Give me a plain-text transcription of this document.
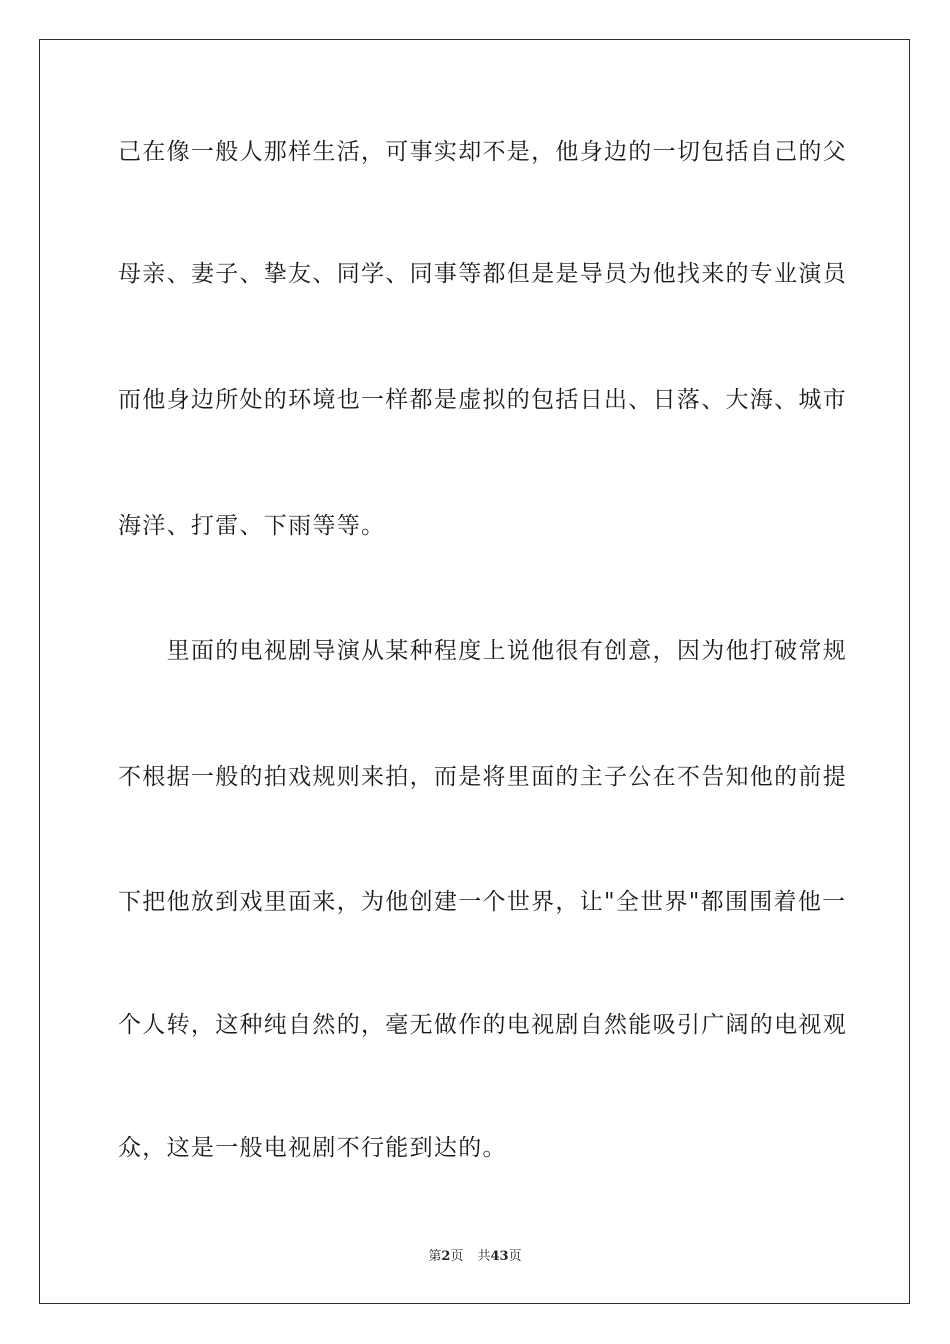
己在像一般人那样生活，可事实却不是，他身边的一切包括自己的父
母亲、妻子、挚友、同学、同事等都但是是导员为他找来的专业演员
而他身边所处的环境也一样都是虚拟的包括日出、日落、大海、城市
海洋、打雷、下雨等等。
　　里面的电视剧导演从某种程度上说他很有创意，因为他打破常规
不根据一般的拍戏规则来拍，而是将里面的主子公在不告知他的前提
下把他放到戏里面来，为他创建一个世界，让"全世界"都围围着他一
个人转，这种纯自然的，毫无做作的电视剧自然能吸引广阔的电视观
众，这是一般电视剧不行能到达的。
第2页 共43页
